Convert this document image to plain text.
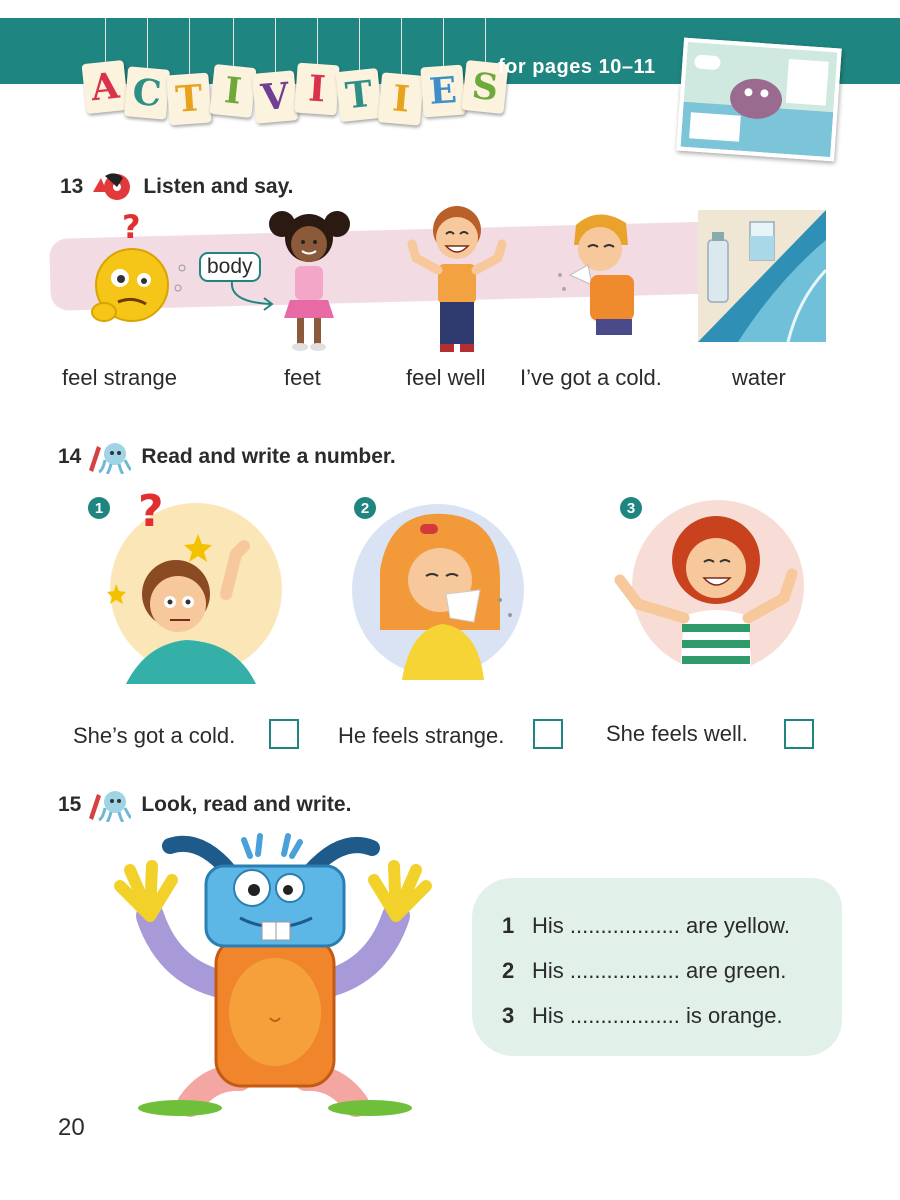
A C T I V I T I E S
for pages 10–11
13	Listen and say.
?
body
feel strange	feet	feel well I’ve got a cold.	water
14	Read and write a number.
1 ?	2	3
She’s got a cold.	He feels strange.	She feels well.
15	Look, read and write.
1 His .................. are yellow.
2 His .................. are green.
3 His .................. is orange.
20
